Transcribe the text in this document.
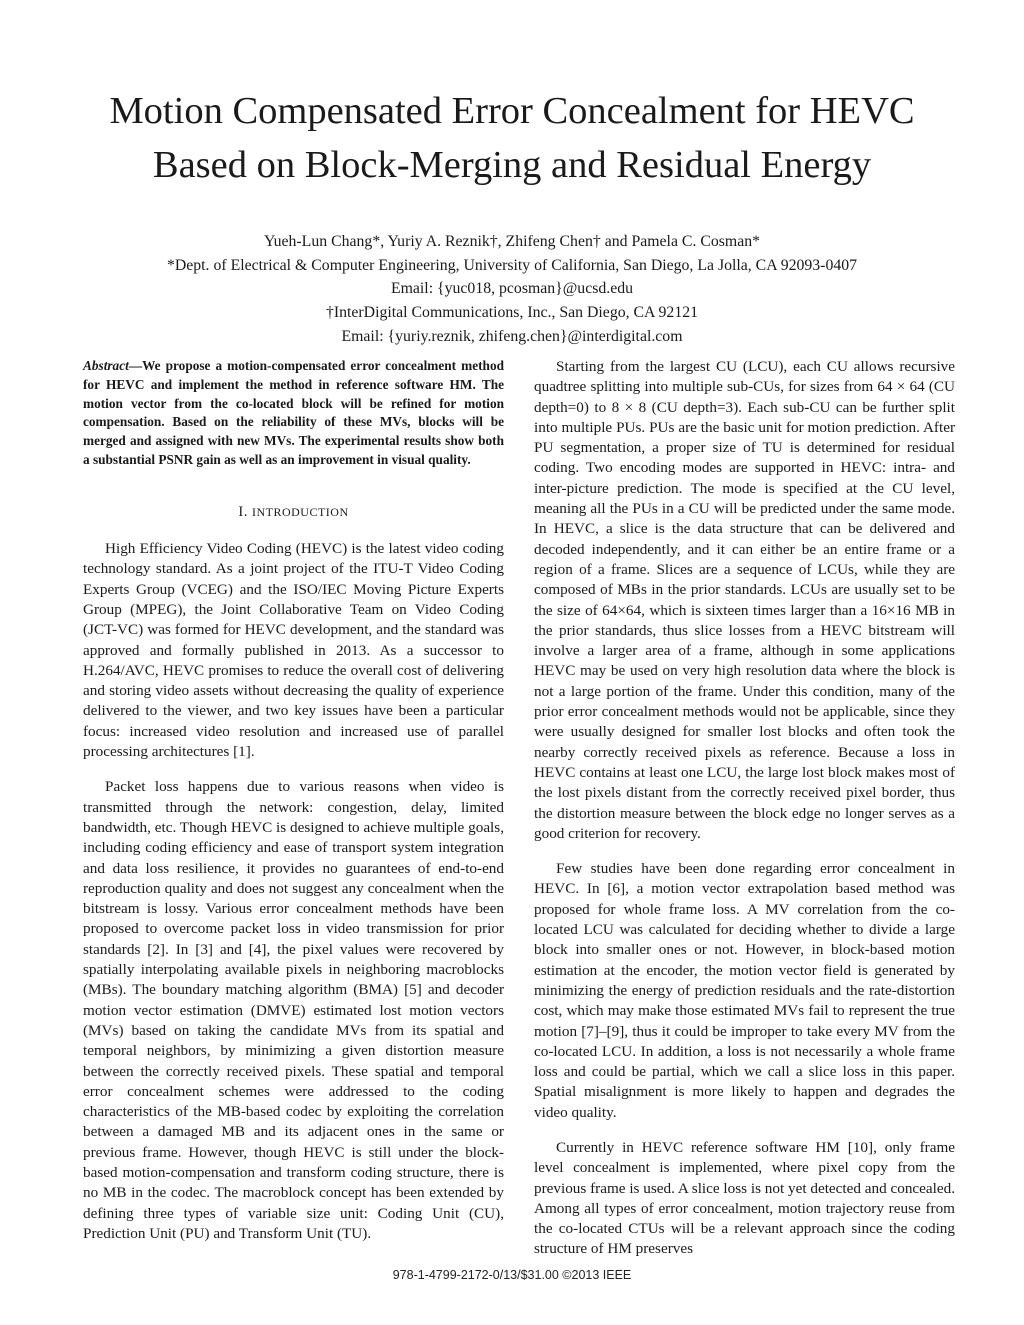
Motion Compensated Error Concealment for HEVC
Based on Block-Merging and Residual Energy
Yueh-Lun Chang*, Yuriy A. Reznik†, Zhifeng Chen† and Pamela C. Cosman*
*Dept. of Electrical & Computer Engineering, University of California, San Diego, La Jolla, CA 92093-0407
Email: {yuc018, pcosman}@ucsd.edu
†InterDigital Communications, Inc., San Diego, CA 92121
Email: {yuriy.reznik, zhifeng.chen}@interdigital.com

Abstract—We propose a motion-compensated error concealment method for HEVC and implement the method in reference software HM. The motion vector from the co-located block will be refined for motion compensation. Based on the reliability of these MVs, blocks will be merged and assigned with new MVs. The experimental results show both a substantial PSNR gain as well as an improvement in visual quality.

I. INTRODUCTION

High Efficiency Video Coding (HEVC) is the latest video coding technology standard. As a joint project of the ITU-T Video Coding Experts Group (VCEG) and the ISO/IEC Moving Picture Experts Group (MPEG), the Joint Collaborative Team on Video Coding (JCT-VC) was formed for HEVC development, and the standard was approved and formally published in 2013. As a successor to H.264/AVC, HEVC promises to reduce the overall cost of delivering and storing video assets without decreasing the quality of experience delivered to the viewer, and two key issues have been a particular focus: increased video resolution and increased use of parallel processing architectures [1].

Packet loss happens due to various reasons when video is transmitted through the network: congestion, delay, limited bandwidth, etc. Though HEVC is designed to achieve multiple goals, including coding efficiency and ease of transport system integration and data loss resilience, it provides no guarantees of end-to-end reproduction quality and does not suggest any concealment when the bitstream is lossy. Various error concealment methods have been proposed to overcome packet loss in video transmission for prior standards [2]. In [3] and [4], the pixel values were recovered by spatially interpolating available pixels in neighboring macroblocks (MBs). The boundary matching algorithm (BMA) [5] and decoder motion vector estimation (DMVE) estimated lost motion vectors (MVs) based on taking the candidate MVs from its spatial and temporal neighbors, by minimizing a given distortion measure between the correctly received pixels. These spatial and temporal error concealment schemes were addressed to the coding characteristics of the MB-based codec by exploiting the correlation between a damaged MB and its adjacent ones in the same or previous frame. However, though HEVC is still under the block-based motion-compensation and transform coding structure, there is no MB in the codec. The macroblock concept has been extended by defining three types of variable size unit: Coding Unit (CU), Prediction Unit (PU) and Transform Unit (TU).

Starting from the largest CU (LCU), each CU allows recursive quadtree splitting into multiple sub-CUs, for sizes from 64 × 64 (CU depth=0) to 8 × 8 (CU depth=3). Each sub-CU can be further split into multiple PUs. PUs are the basic unit for motion prediction. After PU segmentation, a proper size of TU is determined for residual coding. Two encoding modes are supported in HEVC: intra- and inter-picture prediction. The mode is specified at the CU level, meaning all the PUs in a CU will be predicted under the same mode. In HEVC, a slice is the data structure that can be delivered and decoded independently, and it can either be an entire frame or a region of a frame. Slices are a sequence of LCUs, while they are composed of MBs in the prior standards. LCUs are usually set to be the size of 64×64, which is sixteen times larger than a 16×16 MB in the prior standards, thus slice losses from a HEVC bitstream will involve a larger area of a frame, although in some applications HEVC may be used on very high resolution data where the block is not a large portion of the frame. Under this condition, many of the prior error concealment methods would not be applicable, since they were usually designed for smaller lost blocks and often took the nearby correctly received pixels as reference. Because a loss in HEVC contains at least one LCU, the large lost block makes most of the lost pixels distant from the correctly received pixel border, thus the distortion measure between the block edge no longer serves as a good criterion for recovery.

Few studies have been done regarding error concealment in HEVC. In [6], a motion vector extrapolation based method was proposed for whole frame loss. A MV correlation from the co-located LCU was calculated for deciding whether to divide a large block into smaller ones or not. However, in block-based motion estimation at the encoder, the motion vector field is generated by minimizing the energy of prediction residuals and the rate-distortion cost, which may make those estimated MVs fail to represent the true motion [7]–[9], thus it could be improper to take every MV from the co-located LCU. In addition, a loss is not necessarily a whole frame loss and could be partial, which we call a slice loss in this paper. Spatial misalignment is more likely to happen and degrades the video quality.

Currently in HEVC reference software HM [10], only frame level concealment is implemented, where pixel copy from the previous frame is used. A slice loss is not yet detected and concealed. Among all types of error concealment, motion trajectory reuse from the co-located CTUs will be a relevant approach since the coding structure of HM preserves

978-1-4799-2172-0/13/$31.00 ©2013 IEEE
